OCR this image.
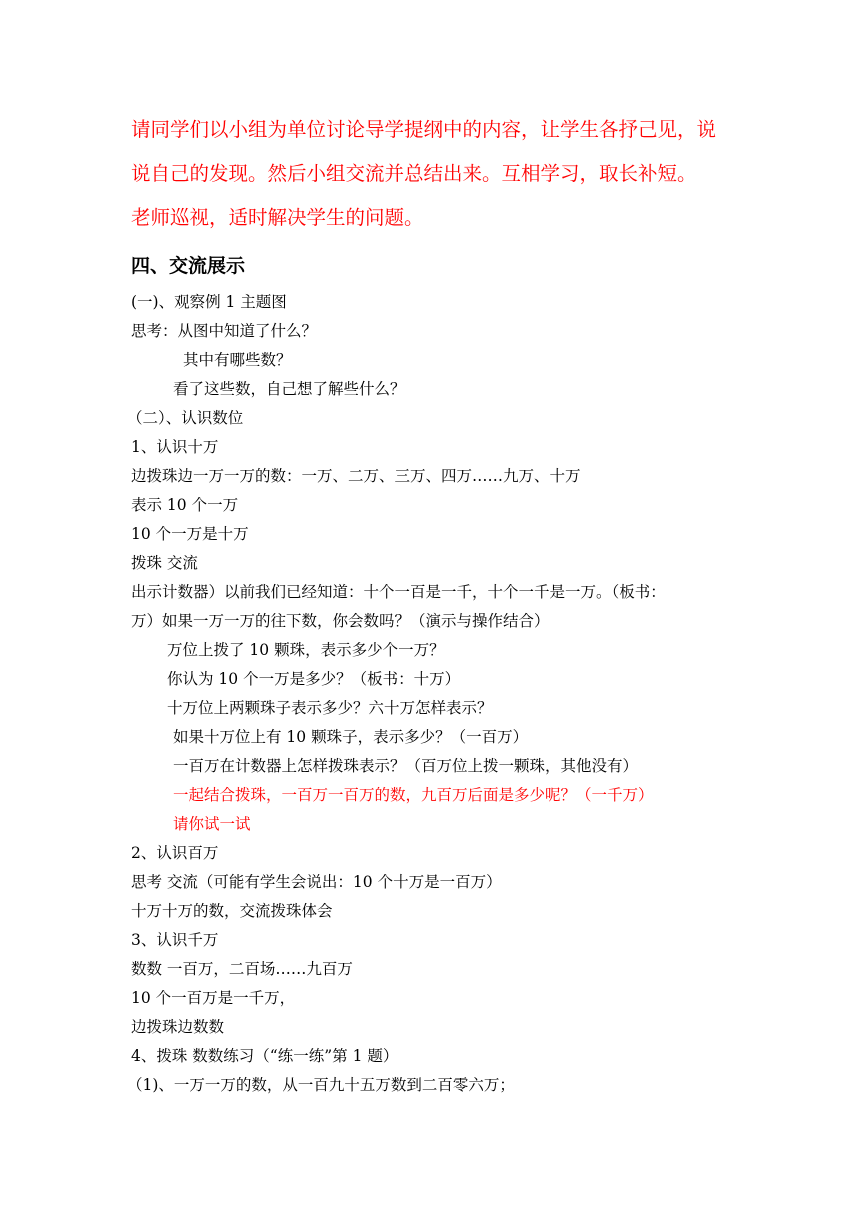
请同学们以小组为单位讨论导学提纲中的内容，让学生各抒己见，说
说自己的发现。然后小组交流并总结出来。互相学习，取长补短。
老师巡视，适时解决学生的问题。
四、交流展示
(一)、观察例 1 主题图
思考：从图中知道了什么？
其中有哪些数？
看了这些数，自己想了解些什么？
（二）、认识数位
1、认识十万
边拨珠边一万一万的数：一万、二万、三万、四万……九万、十万
表示 10 个一万
10 个一万是十万
拨珠 交流
出示计数器）以前我们已经知道：十个一百是一千，十个一千是一万。（板书：
万）如果一万一万的往下数，你会数吗？（演示与操作结合）
万位上拨了 10 颗珠，表示多少个一万？
你认为 10 个一万是多少？（板书：十万）
十万位上两颗珠子表示多少？六十万怎样表示？
如果十万位上有 10 颗珠子，表示多少？（一百万）
一百万在计数器上怎样拨珠表示？（百万位上拨一颗珠，其他没有）
一起结合拨珠，一百万一百万的数，九百万后面是多少呢？（一千万）
请你试一试
2、认识百万
思考 交流（可能有学生会说出：10 个十万是一百万）
十万十万的数，交流拨珠体会
3、认识千万
数数 一百万，二百场……九百万
10 个一百万是一千万，
边拨珠边数数
4、拨珠 数数练习（“练一练”第 1 题）
（1)、一万一万的数，从一百九十五万数到二百零六万；
